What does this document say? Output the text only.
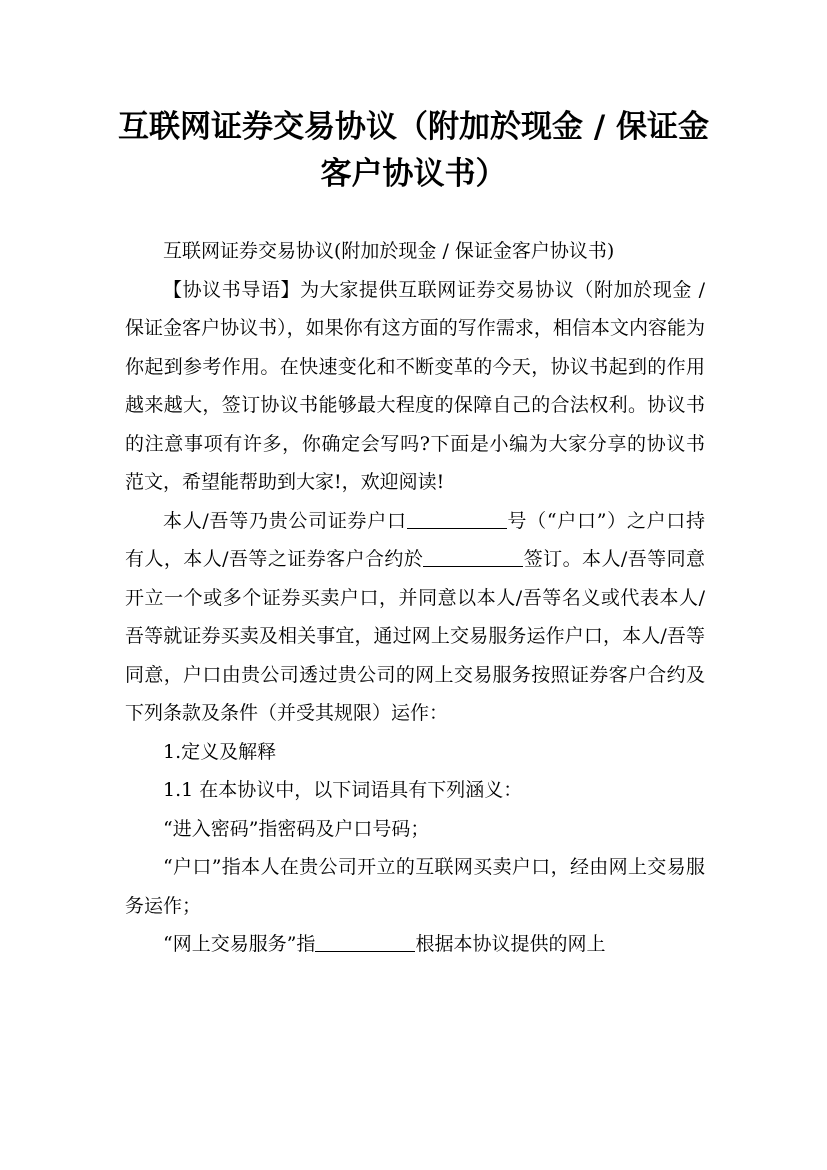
互联网证券交易协议（附加於现金 / 保证金
客户协议书）

互联网证券交易协议(附加於现金 / 保证金客户协议书)

【协议书导语】为大家提供互联网证券交易协议（附加於现金 / 保证金客户协议书），如果你有这方面的写作需求，相信本文内容能为你起到参考作用。在快速变化和不断变革的今天，协议书起到的作用越来越大，签订协议书能够最大程度的保障自己的合法权利。协议书的注意事项有许多，你确定会写吗?下面是小编为大家分享的协议书范文，希望能帮助到大家!，欢迎阅读!

本人/吾等乃贵公司证券户口	号（“户口”）之户口持有人，本人/吾等之证券客户合约於	签订。本人/吾等同意开立一个或多个证券买卖户口，并同意以本人/吾等名义或代表本人/吾等就证券买卖及相关事宜，通过网上交易服务运作户口，本人/吾等同意，户口由贵公司透过贵公司的网上交易服务按照证券客户合约及下列条款及条件（并受其规限）运作：

1.定义及解释

1.1 在本协议中，以下词语具有下列涵义：

“进入密码”指密码及户口号码；

“户口”指本人在贵公司开立的互联网买卖户口，经由网上交易服务运作；

“网上交易服务”指	根据本协议提供的网上
